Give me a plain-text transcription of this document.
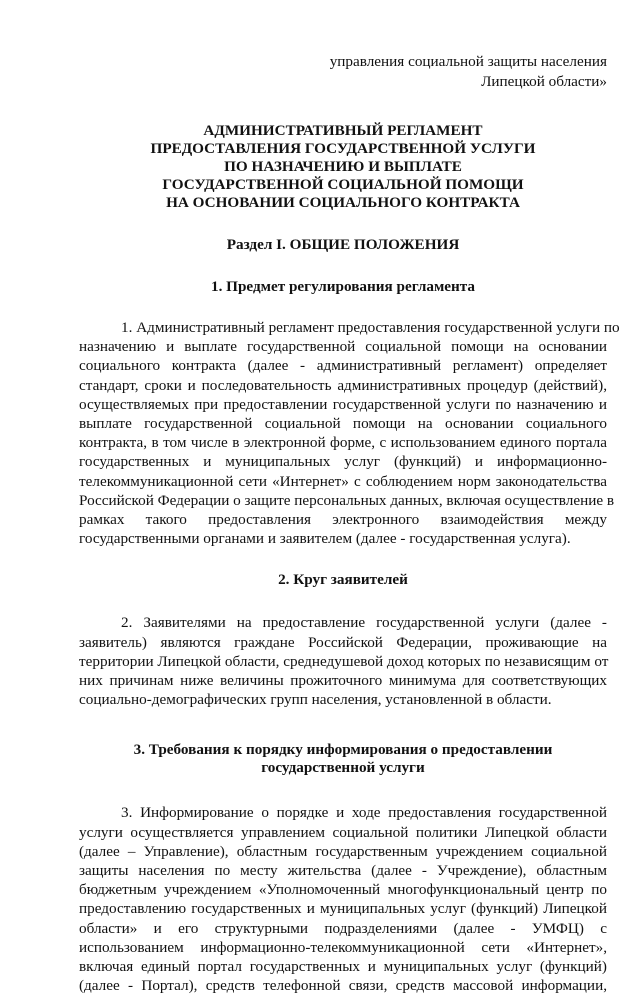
управления социальной защиты населения
Липецкой области»
АДМИНИСТРАТИВНЫЙ РЕГЛАМЕНТ
ПРЕДОСТАВЛЕНИЯ ГОСУДАРСТВЕННОЙ УСЛУГИ
ПО НАЗНАЧЕНИЮ И ВЫПЛАТЕ
ГОСУДАРСТВЕННОЙ СОЦИАЛЬНОЙ ПОМОЩИ
НА ОСНОВАНИИ СОЦИАЛЬНОГО КОНТРАКТА
Раздел I. ОБЩИЕ ПОЛОЖЕНИЯ
1. Предмет регулирования регламента
1. Административный регламент предоставления государственной услуги по
назначению и выплате государственной социальной помощи на основании
социального контракта (далее - административный регламент) определяет
стандарт, сроки и последовательность административных процедур (действий),
осуществляемых при предоставлении государственной услуги по назначению и
выплате государственной социальной помощи на основании социального
контракта, в том числе в электронной форме, с использованием единого портала
государственных и муниципальных услуг (функций) и информационно-
телекоммуникационной сети «Интернет» с соблюдением норм законодательства
Российской Федерации о защите персональных данных, включая осуществление в
рамках такого предоставления электронного взаимодействия между
государственными органами и заявителем (далее - государственная услуга).
2. Круг заявителей
2. Заявителями на предоставление государственной услуги (далее -
заявитель) являются граждане Российской Федерации, проживающие на
территории Липецкой области, среднедушевой доход которых по независящим от
них причинам ниже величины прожиточного минимума для соответствующих
социально-демографических групп населения, установленной в области.
3. Требования к порядку информирования о предоставлении
государственной услуги
3. Информирование о порядке и ходе предоставления государственной
услуги осуществляется управлением социальной политики Липецкой области
(далее – Управление), областным государственным учреждением социальной
защиты населения по месту жительства (далее - Учреждение), областным
бюджетным учреждением «Уполномоченный многофункциональный центр по
предоставлению государственных и муниципальных услуг (функций) Липецкой
области» и его структурными подразделениями (далее - УМФЦ) с
использованием информационно-телекоммуникационной сети «Интернет»,
включая единый портал государственных и муниципальных услуг (функций)
(далее - Портал), средств телефонной связи, средств массовой информации,
